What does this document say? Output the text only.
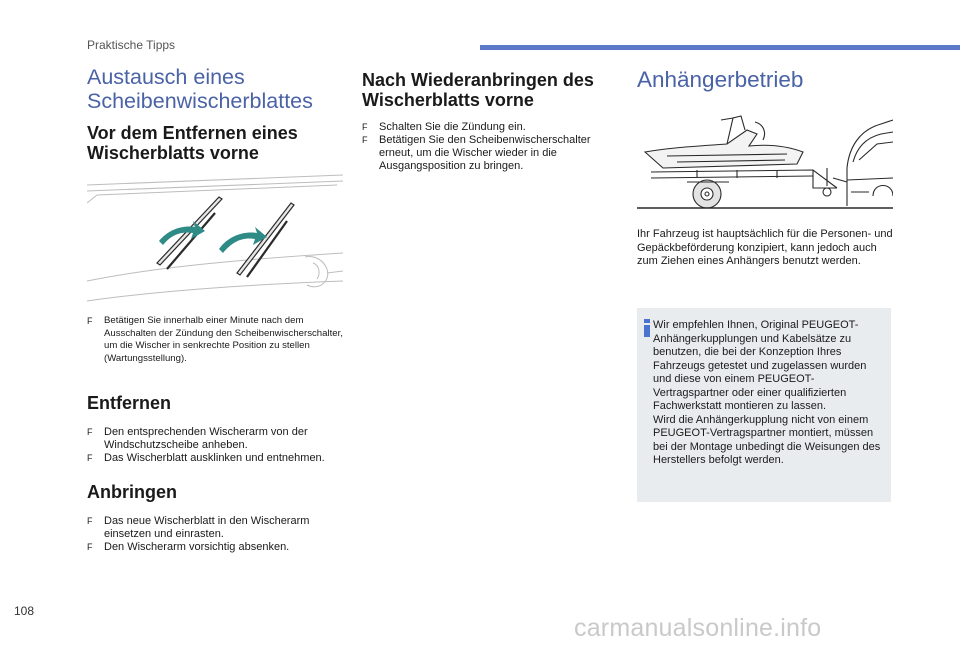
Praktische Tipps
Austausch eines Scheibenwischerblattes
Vor dem Entfernen eines Wischerblatts vorne
F Betätigen Sie innerhalb einer Minute nach dem Ausschalten der Zündung den Scheibenwischerschalter, um die Wischer in senkrechte Position zu stellen (Wartungsstellung).
Entfernen
F Den entsprechenden Wischerarm von der Windschutzscheibe anheben.
F Das Wischerblatt ausklinken und entnehmen.
Anbringen
F Das neue Wischerblatt in den Wischerarm einsetzen und einrasten.
F Den Wischerarm vorsichtig absenken.
Nach Wiederanbringen des Wischerblatts vorne
F Schalten Sie die Zündung ein.
F Betätigen Sie den Scheibenwischerschalter erneut, um die Wischer wieder in die Ausgangsposition zu bringen.
Anhängerbetrieb

Ihr Fahrzeug ist hauptsächlich für die Personen- und Gepäckbeförderung konzipiert, kann jedoch auch zum Ziehen eines Anhängers benutzt werden.

Wir empfehlen Ihnen, Original PEUGEOT-Anhängerkupplungen und Kabelsätze zu benutzen, die bei der Konzeption Ihres Fahrzeugs getestet und zugelassen wurden und diese von einem PEUGEOT-Vertragspartner oder einer qualifizierten Fachwerkstatt montieren zu lassen.
Wird die Anhängerkupplung nicht von einem PEUGEOT-Vertragspartner montiert, müssen bei der Montage unbedingt die Weisungen des Herstellers befolgt werden.
108
carmanualsonline.info
